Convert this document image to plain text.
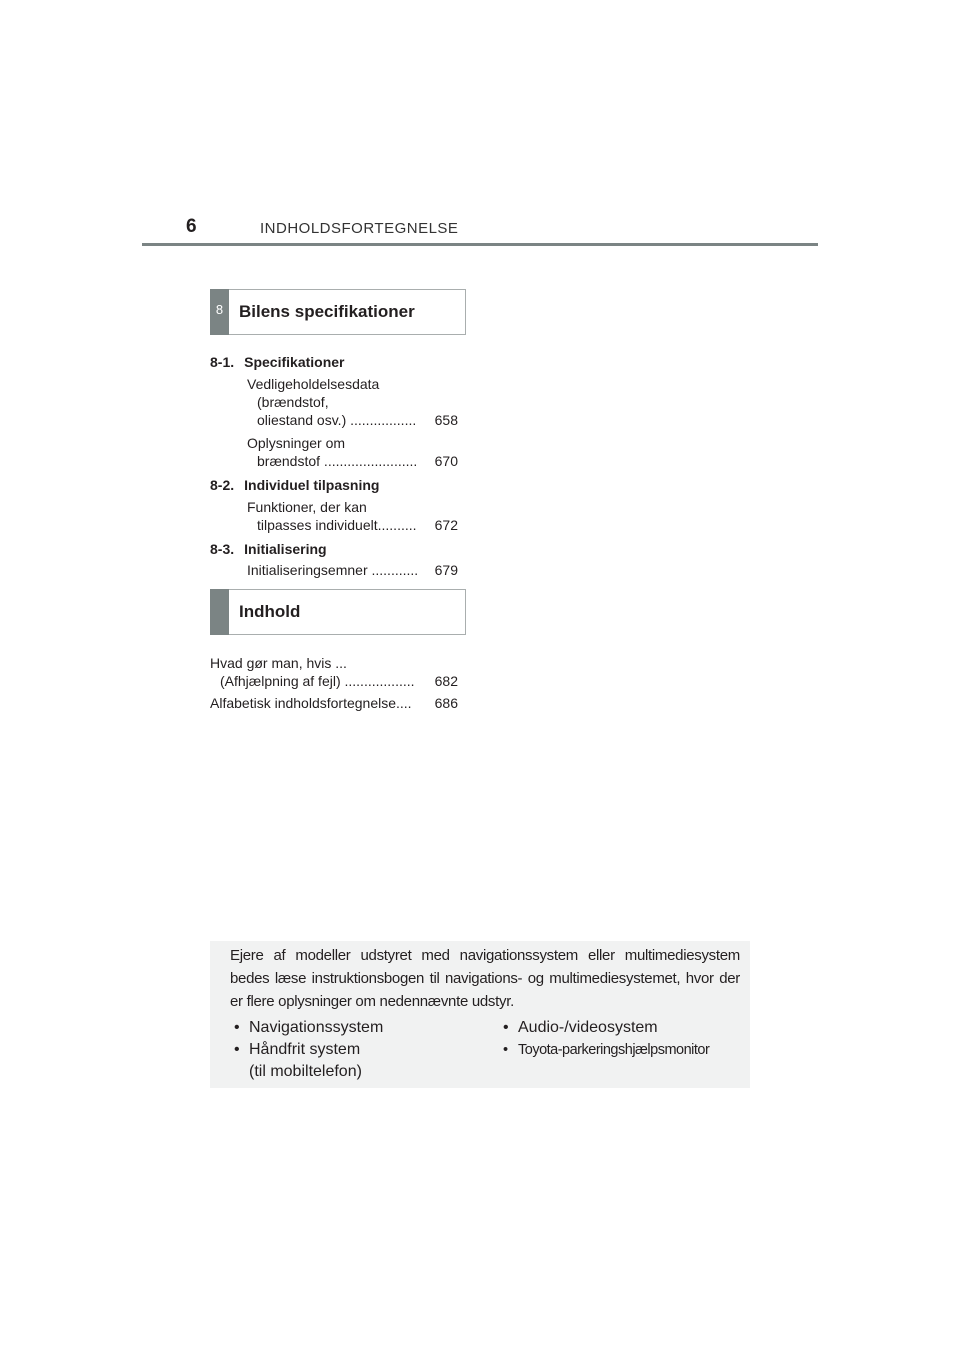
6	INDHOLDSFORTEGNELSE
8 Bilens specifikationer
8-1. Specifikationer
Vedligeholdelsesdata
(brændstof,
oliestand osv.) .................	658
Oplysninger om
brændstof ........................	670
8-2. Individuel tilpasning
Funktioner, der kan
tilpasses individuelt..........	672
8-3. Initialisering
Initialiseringsemner ............	679
Indhold
Hvad gør man, hvis ...
(Afhjælpning af fejl) ..................	682
Alfabetisk indholdsfortegnelse....	686
Ejere af modeller udstyret med navigationssystem eller multimediesystem bedes læse instruktionsbogen til navigations- og multimediesystemet, hvor der er flere oplysninger om nedennævnte udstyr.
• Navigationssystem
• Håndfrit system
(til mobiltelefon)
• Audio-/videosystem
• Toyota-parkeringshjælpsmonitor
